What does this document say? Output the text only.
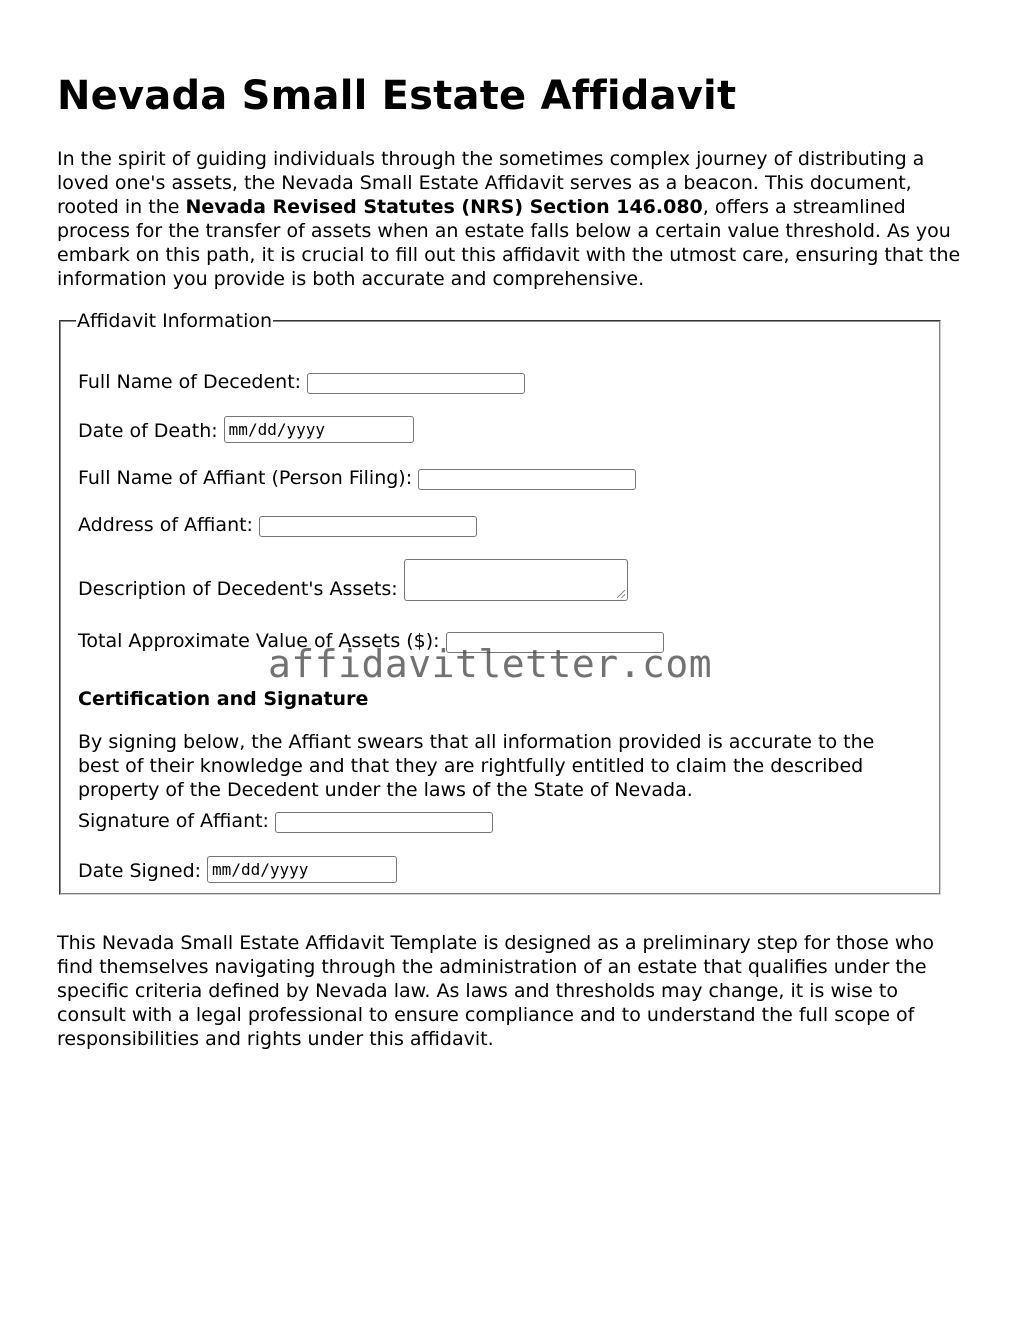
Nevada Small Estate Affidavit

In the spirit of guiding individuals through the sometimes complex journey of distributing a loved one's assets, the Nevada Small Estate Affidavit serves as a beacon. This document, rooted in the Nevada Revised Statutes (NRS) Section 146.080, offers a streamlined process for the transfer of assets when an estate falls below a certain value threshold. As you embark on this path, it is crucial to fill out this affidavit with the utmost care, ensuring that the information you provide is both accurate and comprehensive.

Affidavit Information
Full Name of Decedent:
Date of Death: mm/dd/yyyy
Full Name of Affiant (Person Filing):
Address of Affiant:
Description of Decedent's Assets:
Total Approximate Value of Assets ($):
Certification and Signature

By signing below, the Affiant swears that all information provided is accurate to the best of their knowledge and that they are rightfully entitled to claim the described property of the Decedent under the laws of the State of Nevada.

Signature of Affiant:
Date Signed: mm/dd/yyyy

This Nevada Small Estate Affidavit Template is designed as a preliminary step for those who find themselves navigating through the administration of an estate that qualifies under the specific criteria defined by Nevada law. As laws and thresholds may change, it is wise to consult with a legal professional to ensure compliance and to understand the full scope of responsibilities and rights under this affidavit.

affidavitletter.com
